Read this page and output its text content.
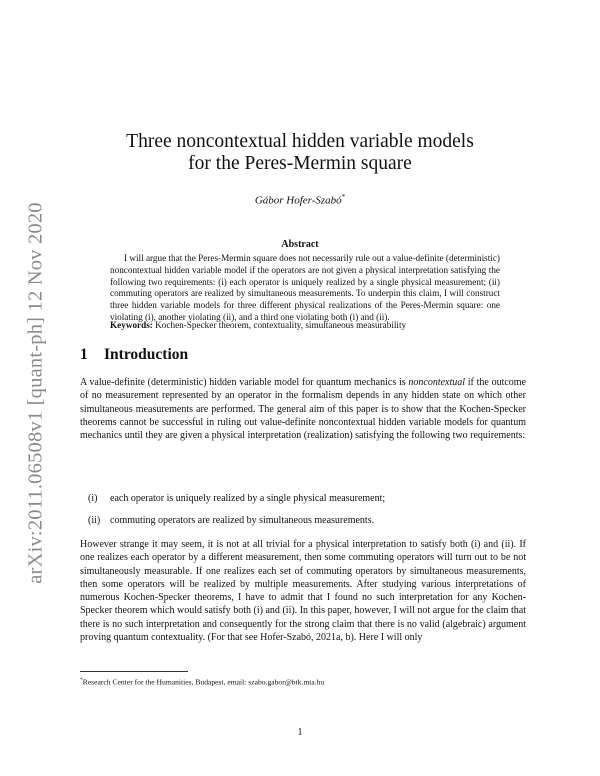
arXiv:2011.06508v1 [quant-ph] 12 Nov 2020
Three noncontextual hidden variable models
for the Peres-Mermin square
Gábor Hofer-Szabó*
Abstract

I will argue that the Peres-Mermin square does not necessarily rule out a value-definite (deterministic) noncontextual hidden variable model if the operators are not given a physical interpretation satisfying the following two requirements: (i) each operator is uniquely realized by a single physical measurement; (ii) commuting operators are realized by simultaneous measurements. To underpin this claim, I will construct three hidden variable models for three different physical realizations of the Peres-Mermin square: one violating (i), another violating (ii), and a third one violating both (i) and (ii).

Keywords: Kochen-Specker theorem, contextuality, simultaneous measurability
1 Introduction

A value-definite (deterministic) hidden variable model for quantum mechanics is noncontextual if the outcome of no measurement represented by an operator in the formalism depends in any hidden state on which other simultaneous measurements are performed. The general aim of this paper is to show that the Kochen-Specker theorems cannot be successful in ruling out value-definite noncontextual hidden variable models for quantum mechanics until they are given a physical interpretation (realization) satisfying the following two requirements:

(i) each operator is uniquely realized by a single physical measurement;
(ii) commuting operators are realized by simultaneous measurements.

However strange it may seem, it is not at all trivial for a physical interpretation to satisfy both (i) and (ii). If one realizes each operator by a different measurement, then some commuting operators will turn out to be not simultaneously measurable. If one realizes each set of commuting operators by simultaneous measurements, then some operators will be realized by multiple measurements. After studying various interpretations of numerous Kochen-Specker theorems, I have to admit that I found no such interpretation for any Kochen-Specker theorem which would satisfy both (i) and (ii). In this paper, however, I will not argue for the claim that there is no such interpretation and consequently for the strong claim that there is no valid (algebraic) argument proving quantum contextuality. (For that see Hofer-Szabó, 2021a, b). Here I will only

*Research Center for the Humanities, Budapest, email: szabo.gabor@btk.mta.hu
1
